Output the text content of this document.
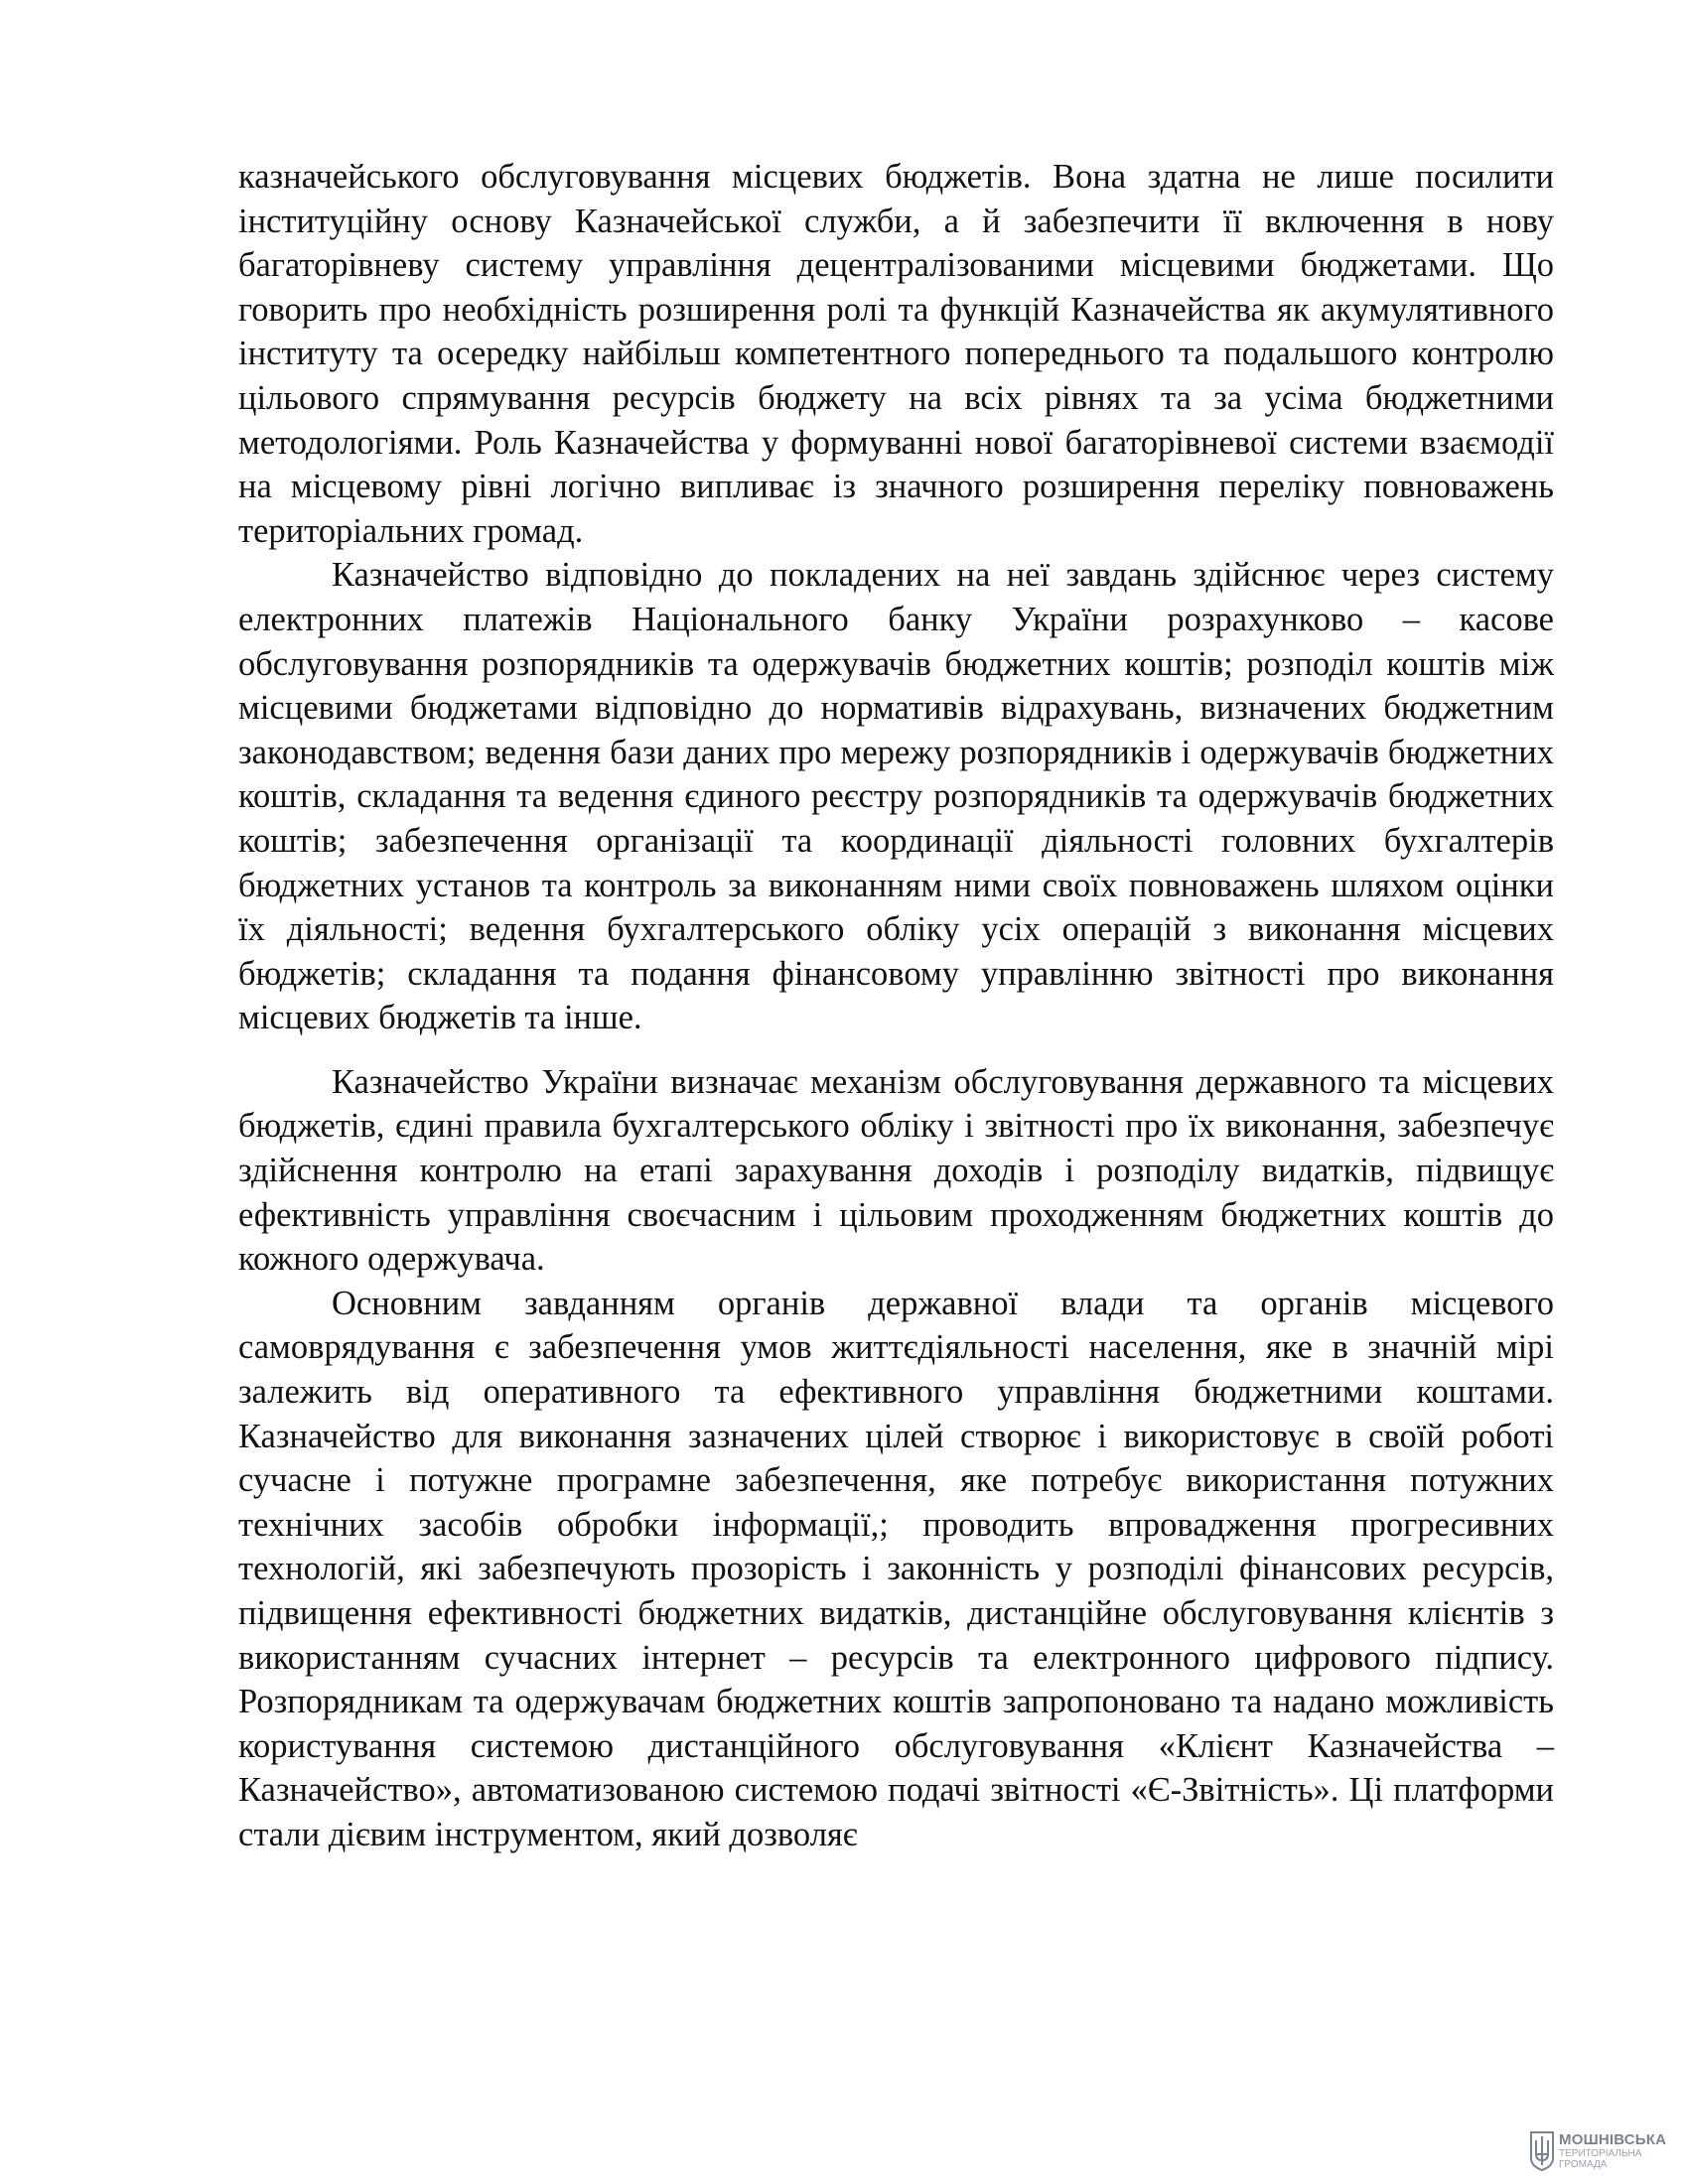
казначейського обслуговування місцевих бюджетів. Вона здатна не лише посилити інституційну основу Казначейської служби, а й забезпечити її включення в нову багаторівневу систему управління децентралізованими місцевими бюджетами. Що говорить про необхідність розширення ролі та функцій Казначейства як акумулятивного інституту та осередку найбільш компетентного попереднього та подальшого контролю цільового спрямування ресурсів бюджету на всіх рівнях та за усіма бюджетними методологіями. Роль Казначейства у формуванні нової багаторівневої системи взаємодії на місцевому рівні логічно випливає із значного розширення переліку повноважень територіальних громад.

Казначейство відповідно до покладених на неї завдань здійснює через систему електронних платежів Національного банку України розрахунково – касове обслуговування розпорядників та одержувачів бюджетних коштів; розподіл коштів між місцевими бюджетами відповідно до нормативів відрахувань, визначених бюджетним законодавством; ведення бази даних про мережу розпорядників і одержувачів бюджетних коштів, складання та ведення єдиного реєстру розпорядників та одержувачів бюджетних коштів; забезпечення організації та координації діяльності головних бухгалтерів бюджетних установ та контроль за виконанням ними своїх повноважень шляхом оцінки їх діяльності; ведення бухгалтерського обліку усіх операцій з виконання місцевих бюджетів; складання та подання фінансовому управлінню звітності про виконання місцевих бюджетів та інше.

Казначейство України визначає механізм обслуговування державного та місцевих бюджетів, єдині правила бухгалтерського обліку і звітності про їх виконання, забезпечує здійснення контролю на етапі зарахування доходів і розподілу видатків, підвищує ефективність управління своєчасним і цільовим проходженням бюджетних коштів до кожного одержувача.

Основним завданням органів державної влади та органів місцевого самоврядування є забезпечення умов життєдіяльності населення, яке в значній мірі залежить від оперативного та ефективного управління бюджетними коштами. Казначейство для виконання зазначених цілей створює і використовує в своїй роботі сучасне і потужне програмне забезпечення, яке потребує використання потужних технічних засобів обробки інформації,; проводить впровадження прогресивних технологій, які забезпечують прозорість і законність у розподілі фінансових ресурсів, підвищення ефективності бюджетних видатків, дистанційне обслуговування клієнтів з використанням сучасних інтернет – ресурсів та електронного цифрового підпису. Розпорядникам та одержувачам бюджетних коштів запропоновано та надано можливість користування системою дистанційного обслуговування «Клієнт Казначейства – Казначейство», автоматизованою системою подачі звітності «Є-Звітність». Ці платформи стали дієвим інструментом, який дозволяє

МОШНІВСЬКА
ТЕРИТОРІАЛЬНА
ГРОМАДА
